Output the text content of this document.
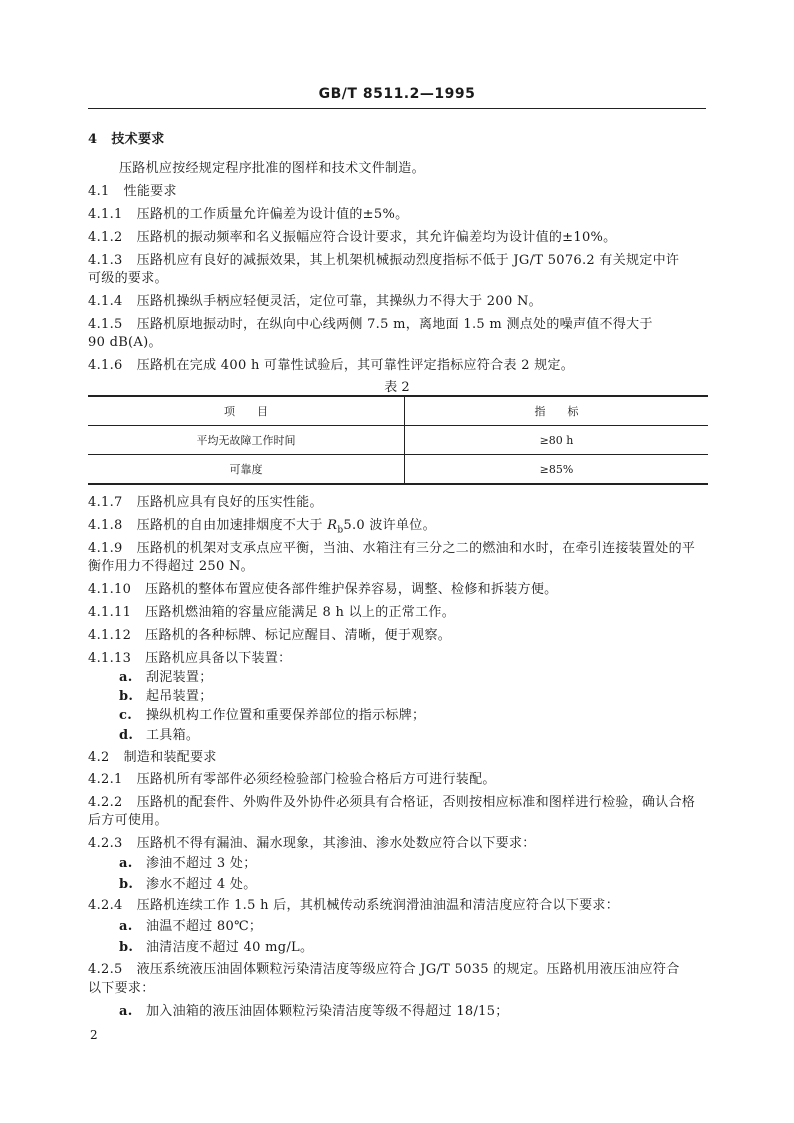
GB/T 8511.2—1995
4 技术要求
压路机应按经规定程序批准的图样和技术文件制造。
4.1 性能要求
4.1.1 压路机的工作质量允许偏差为设计值的±5%。
4.1.2 压路机的振动频率和名义振幅应符合设计要求，其允许偏差均为设计值的±10%。
4.1.3 压路机应有良好的减振效果，其上机架机械振动烈度指标不低于 JG/T 5076.2 有关规定中许
可级的要求。
4.1.4 压路机操纵手柄应轻便灵活，定位可靠，其操纵力不得大于 200 N。
4.1.5 压路机原地振动时，在纵向中心线两侧 7.5 m，离地面 1.5 m 测点处的噪声值不得大于
90 dB(A)。
4.1.6 压路机在完成 400 h 可靠性试验后，其可靠性评定指标应符合表 2 规定。
表 2
项　　目	指　　标
平均无故障工作时间	≥80 h
可靠度	≥85%
4.1.7 压路机应具有良好的压实性能。
4.1.8 压路机的自由加速排烟度不大于 $R_b5.0$ 波许单位。
4.1.9 压路机的机架对支承点应平衡，当油、水箱注有三分之二的燃油和水时，在牵引连接装置处的平
衡作用力不得超过 250 N。
4.1.10 压路机的整体布置应使各部件维护保养容易，调整、检修和拆装方便。
4.1.11 压路机燃油箱的容量应能满足 8 h 以上的正常工作。
4.1.12 压路机的各种标牌、标记应醒目、清晰，便于观察。
4.1.13 压路机应具备以下装置：
a. 刮泥装置；
b. 起吊装置；
c. 操纵机构工作位置和重要保养部位的指示标牌；
d. 工具箱。
4.2 制造和装配要求
4.2.1 压路机所有零部件必须经检验部门检验合格后方可进行装配。
4.2.2 压路机的配套件、外购件及外协件必须具有合格证，否则按相应标准和图样进行检验，确认合格
后方可使用。
4.2.3 压路机不得有漏油、漏水现象，其渗油、渗水处数应符合以下要求：
a. 渗油不超过 3 处；
b. 渗水不超过 4 处。
4.2.4 压路机连续工作 1.5 h 后，其机械传动系统润滑油油温和清洁度应符合以下要求：
a. 油温不超过 80℃；
b. 油清洁度不超过 40 mg/L。
4.2.5 液压系统液压油固体颗粒污染清洁度等级应符合 JG/T 5035 的规定。压路机用液压油应符合
以下要求：
a. 加入油箱的液压油固体颗粒污染清洁度等级不得超过 18/15；
2
